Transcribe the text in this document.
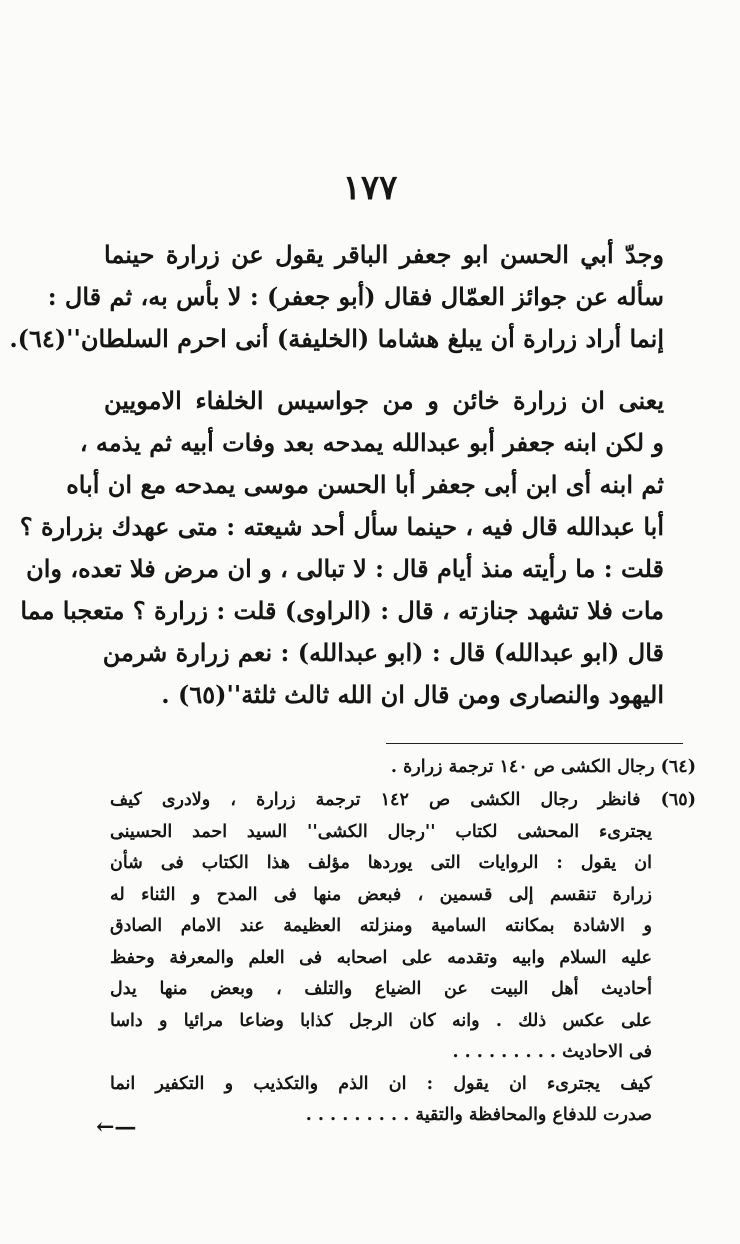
١٧٧
وجدّ أبي الحسن ابو جعفر الباقر يقول عن زرارة حينما
سأله عن جوائز العمّال فقال (أبو جعفر) : لا بأس به، ثم قال :
إنما أراد زرارة أن يبلغ هشاما (الخليفة) أنى احرم السلطان''(٦٤).
يعنى ان زرارة خائن و من جواسيس الخلفاء الامويين
و لكن ابنه جعفر أبو عبدالله يمدحه بعد وفات أبيه ثم يذمه ،
ثم ابنه أى ابن أبى جعفر أبا الحسن موسى يمدحه مع ان أباه
أبا عبدالله قال فيه ، حينما سأل أحد شيعته : متى عهدك بزرارة ؟
قلت : ما رأيته منذ أيام قال : لا تبالى ، و ان مرض فلا تعده، وان
مات فلا تشهد جنازته ، قال : (الراوى) قلت : زرارة ؟ متعجبا مما
قال (ابو عبدالله) قال : (ابو عبدالله) : نعم زرارة شرمن
اليهود والنصارى ومن قال ان الله ثالث ثلثة''(٦٥) .
(٦٤) رجال الكشى ص ١٤٠ ترجمة زرارة .
(٦٥) فانظر رجال الكشى ص ١٤٢ ترجمة زرارة ، ولادرى كيف
يجترىء المحشى لكتاب ''رجال الكشى'' السيد احمد الحسينى
ان يقول : الروايات التى يوردها مؤلف هذا الكتاب فى شأن
زرارة تنقسم إلى قسمين ، فبعض منها فى المدح و الثناء له
و الاشادة بمكانته السامية ومنزلته العظيمة عند الامام الصادق
عليه السلام وابيه وتقدمه على اصحابه فى العلم والمعرفة وحفظ
أحاديث أهل البيت عن الضياع والتلف ، وبعض منها يدل
على عكس ذلك . وانه كان الرجل كذابا وضاعا مرائيا و داسا
فى الاحاديث . . . . . . . . .
كيف يجترىء ان يقول : ان الذم والتكذيب و التكفير انما
صدرت للدفاع والمحافظة والتقية . . . . . . . . .
←—
